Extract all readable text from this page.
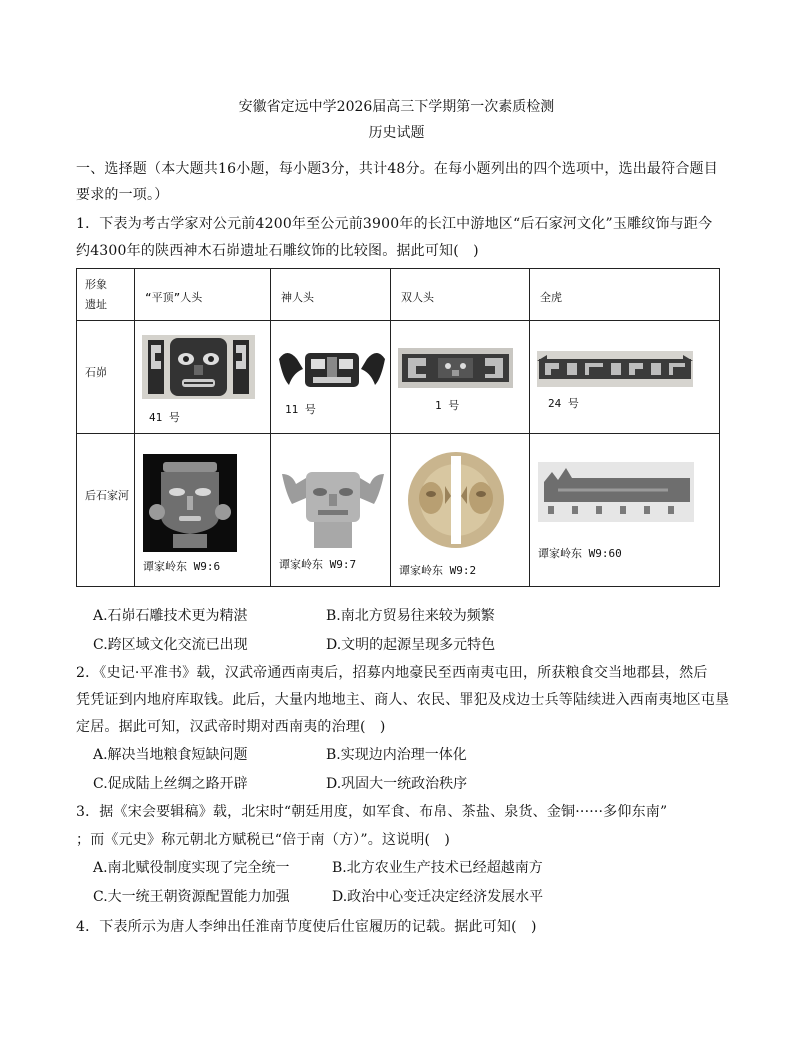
安徽省定远中学2026届高三下学期第一次素质检测
历史试题
一、选择题（本大题共16小题，每小题3分，共计48分。在每小题列出的四个选项中，选出最符合题目
要求的一项。）
1．下表为考古学家对公元前4200年至公元前3900年的长江中游地区“后石家河文化”玉雕纹饰与距今
约4300年的陕西神木石峁遗址石雕纹饰的比较图。据此可知(　)
形象
遗址	“平顶”人头	神人头	双人头	全虎

石峁	41 号	11 号	1 号	24 号

后石家河	谭家岭东 W9:6	谭家岭东 W9:7	谭家岭东 W9:2	谭家岭东 W9:60
A.石峁石雕技术更为精湛	B.南北方贸易往来较为频繁
C.跨区域文化交流已出现	D.文明的起源呈现多元特色
2．《史记·平准书》载，汉武帝通西南夷后，招募内地豪民至西南夷屯田，所获粮食交当地郡县，然后
凭凭证到内地府库取钱。此后，大量内地地主、商人、农民、罪犯及戍边士兵等陆续进入西南夷地区屯垦
定居。据此可知，汉武帝时期对西南夷的治理(　)
A.解决当地粮食短缺问题	B.实现边内治理一体化
C.促成陆上丝绸之路开辟	D.巩固大一统政治秩序
3．据《宋会要辑稿》载，北宋时“朝廷用度，如军食、布帛、茶盐、泉货、金铜······多仰东南”
；而《元史》称元朝北方赋税已“倍于南（方）”。这说明(　)
A.南北赋役制度实现了完全统一	B.北方农业生产技术已经超越南方
C.大一统王朝资源配置能力加强	D.政治中心变迁决定经济发展水平
4．下表所示为唐人李绅出任淮南节度使后仕宦履历的记载。据此可知(　)
